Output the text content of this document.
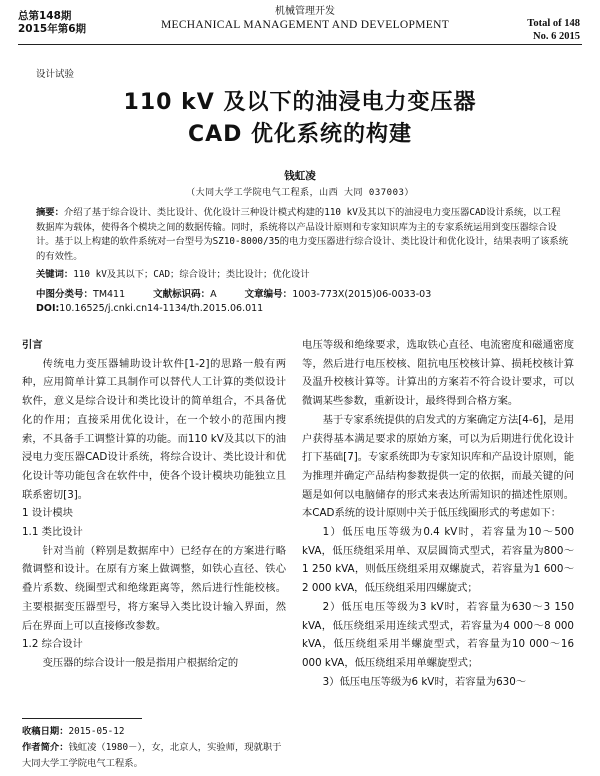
总第148期
2015年第6期
机械管理开发
MECHANICAL MANAGEMENT AND DEVELOPMENT	Total of 148
No. 6 2015
设计试验
110 kV 及以下的油浸电力变压器
CAD 优化系统的构建
钱虹凌
（大同大学工学院电气工程系，山西 大同 037003）
摘要：介绍了基于综合设计、类比设计、优化设计三种设计模式构建的110 kV及其以下的油浸电力变压器CAD设计系统，以工程数据库为载体，使得各个模块之间的数据传输。同时，系统将以产品设计原则和专家知识库为主的专家系统运用到变压器综合设计。基于以上构建的软件系统对一台型号为SZ10-8000/35的电力变压器进行综合设计、类比设计和优化设计，结果表明了该系统的有效性。
关键词：110 kV及其以下；CAD；综合设计；类比设计；优化设计
中图分类号：TM411	文献标识码：A	文章编号：1003-773X(2015)06-0033-03
DOI:10.16525/j.cnki.cn14-1134/th.2015.06.011

引言

传统电力变压器辅助设计软件[1-2]的思路一般有两种，应用简单计算工具制作可以替代人工计算的类似设计软件，意义是综合设计和类比设计的简单组合，不具备优化的作用；直接采用优化设计，在一个较小的范围内搜索，不具备手工调整计算的功能。而110 kV及其以下的油浸电力变压器CAD设计系统，将综合设计、类比设计和优化设计等功能包含在软件中，使各个设计模块功能独立且联系密切[3]。

1 设计模块

1.1 类比设计

针对当前（粹别是数据库中）已经存在的方案进行略微调整和设计。在原有方案上做调整，如铁心直径、铁心叠片系数、绕圈型式和绝缘距离等，然后进行性能校核。主要根据变压器型号，将方案导入类比设计输入界面，然后在界面上可以直接修改参数。

1.2 综合设计

变压器的综合设计一般是指用户根据给定的

电压等级和绝缘要求，选取铁心直径、电流密度和磁通密度等，然后进行电压校核、阻抗电压校核计算、损耗校核计算及温升校核计算等。计算出的方案若不符合设计要求，可以微调某些参数，重新设计，最终得到合格方案。

基于专家系统提供的启发式的方案确定方法[4-6]，是用户获得基本满足要求的原始方案，可以为后期进行优化设计打下基础[7]。专家系统即为专家知识库和产品设计原则，能为推理并确定产品结构参数提供一定的依据，而最关键的问题是如何以电脑储存的形式来表达所需知识的描述性原则。本CAD系统的设计原则中关于低压线圈形式的考虑如下：

1）低压电压等级为0.4 kV时，若容量为10～500 kVA，低压绕组采用单、双层圆筒式型式，若容量为800～1 250 kVA，则低压绕组采用双螺旋式，若容量为1 600～2 000 kVA，低压绕组采用四螺旋式；

2）低压电压等级为3 kV时，若容量为630～3 150 kVA，低压绕组采用连续式型式，若容量为4 000～8 000 kVA，低压绕组采用半螺旋型式，若容量为10 000～16 000 kVA，低压绕组采用单螺旋型式；

3）低压电压等级为6 kV时，若容量为630～

收稿日期：2015-05-12
作者简介：钱虹凌（1980－），女，北京人，实验师，现就职于大同大学工学院电气工程系。
